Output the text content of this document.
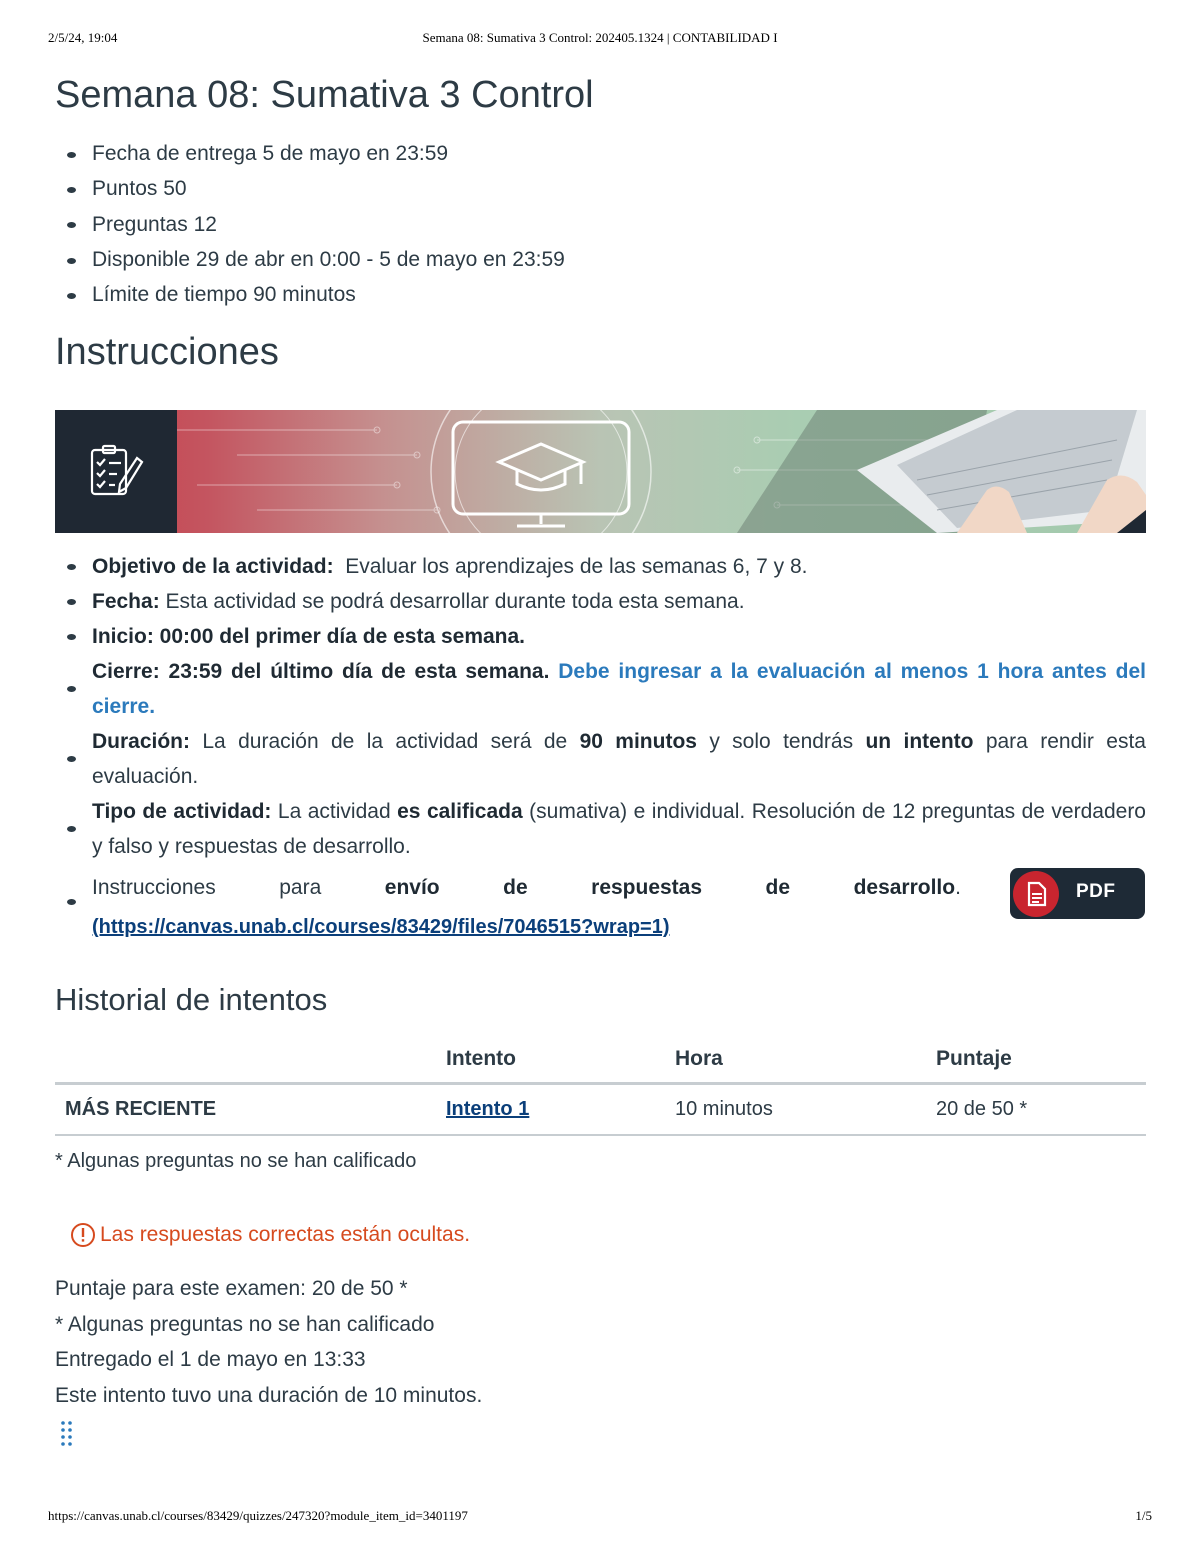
2/5/24, 19:04	Semana 08: Sumativa 3 Control: 202405.1324 | CONTABILIDAD I
Semana 08: Sumativa 3 Control
Fecha de entrega 5 de mayo en 23:59
Puntos 50
Preguntas 12
Disponible 29 de abr en 0:00 - 5 de mayo en 23:59
Límite de tiempo 90 minutos
Instrucciones
Objetivo de la actividad: Evaluar los aprendizajes de las semanas 6, 7 y 8.
Fecha: Esta actividad se podrá desarrollar durante toda esta semana.
Inicio: 00:00 del primer día de esta semana.
Cierre: 23:59 del último día de esta semana. Debe ingresar a la evaluación al menos 1 hora antes del cierre.
Duración: La duración de la actividad será de 90 minutos y solo tendrás un intento para rendir esta evaluación.
Tipo de actividad: La actividad es calificada (sumativa) e individual. Resolución de 12 preguntas de verdadero y falso y respuestas de desarrollo.
Instrucciones	para	envío	de	respuestas	de	desarrollo.
(https://canvas.unab.cl/courses/83429/files/7046515?wrap=1)
Historial de intentos
	Intento	Hora	Puntaje
MÁS RECIENTE	Intento 1	10 minutos	20 de 50 *
* Algunas preguntas no se han calificado
Las respuestas correctas están ocultas.
Puntaje para este examen: 20 de 50 *
* Algunas preguntas no se han calificado
Entregado el 1 de mayo en 13:33
Este intento tuvo una duración de 10 minutos.
PDF
https://canvas.unab.cl/courses/83429/quizzes/247320?module_item_id=3401197	1/5
